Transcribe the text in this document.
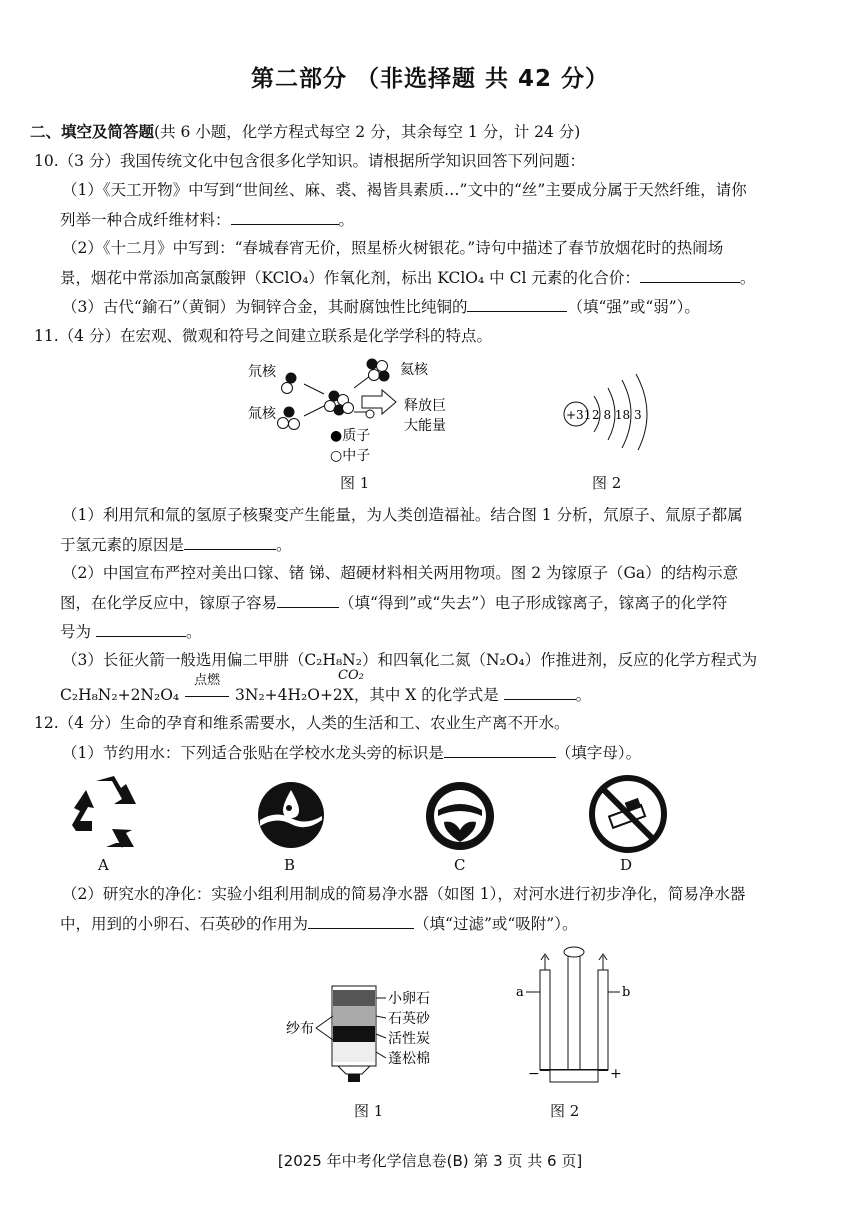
第二部分 （非选择题 共 42 分）
二、填空及简答题(共 6 小题，化学方程式每空 2 分，其余每空 1 分，计 24 分)
10.（3 分）我国传统文化中包含很多化学知识。请根据所学知识回答下列问题：
（1）《天工开物》中写到“世间丝、麻、裘、褐皆具素质…”文中的“丝”主要成分属于天然纤维，请你
列举一种合成纤维材料：	。
（2）《十二月》中写到：“春城春宵无价，照星桥火树银花。”诗句中描述了春节放烟花时的热闹场
景，烟花中常添加高氯酸钾（KClO₄）作氧化剂，标出 KClO₄ 中 Cl 元素的化合价：	。
（3）古代“鍮石”（黄铜）为铜锌合金，其耐腐蚀性比纯铜的	（填“强”或“弱”）。
11.（4 分）在宏观、微观和符号之间建立联系是化学学科的特点。
氘核
氚核
氦核
释放巨
大能量
●质子
○中子
图 1
+31 2 8 18 3
图 2
（1）利用氘和氚的氢原子核聚变产生能量，为人类创造福祉。结合图 1 分析，氘原子、氚原子都属
于氢元素的原因是	。
（2）中国宣布严控对美出口镓、锗 锑、超硬材料相关两用物项。图 2 为镓原子（Ga）的结构示意
图，在化学反应中，镓原子容易	（填“得到”或“失去”）电子形成镓离子，镓离子的化学符
号为	。
（3）长征火箭一般选用偏二甲肼（C₂H₈N₂）和四氧化二氮（N₂O₄）作推进剂，反应的化学方程式为
C₂H₈N₂+2N₂O₄
点燃
3N₂+4H₂O+2X，其中 X 的化学式是	。
CO₂
12.（4 分）生命的孕育和维系需要水，人类的生活和工、农业生产离不开水。
（1）节约用水：下列适合张贴在学校水龙头旁的标识是	（填字母）。
A	B	C	D
（2）研究水的净化：实验小组利用制成的简易净水器（如图 1），对河水进行初步净化，简易净水器
中，用到的小卵石、石英砂的作用为	（填“过滤”或“吸附”）。
纱布
小卵石
石英砂
活性炭
蓬松棉
图 1
a	b
−	+
图 2
[2025 年中考化学信息卷(B) 第 3 页 共 6 页]
